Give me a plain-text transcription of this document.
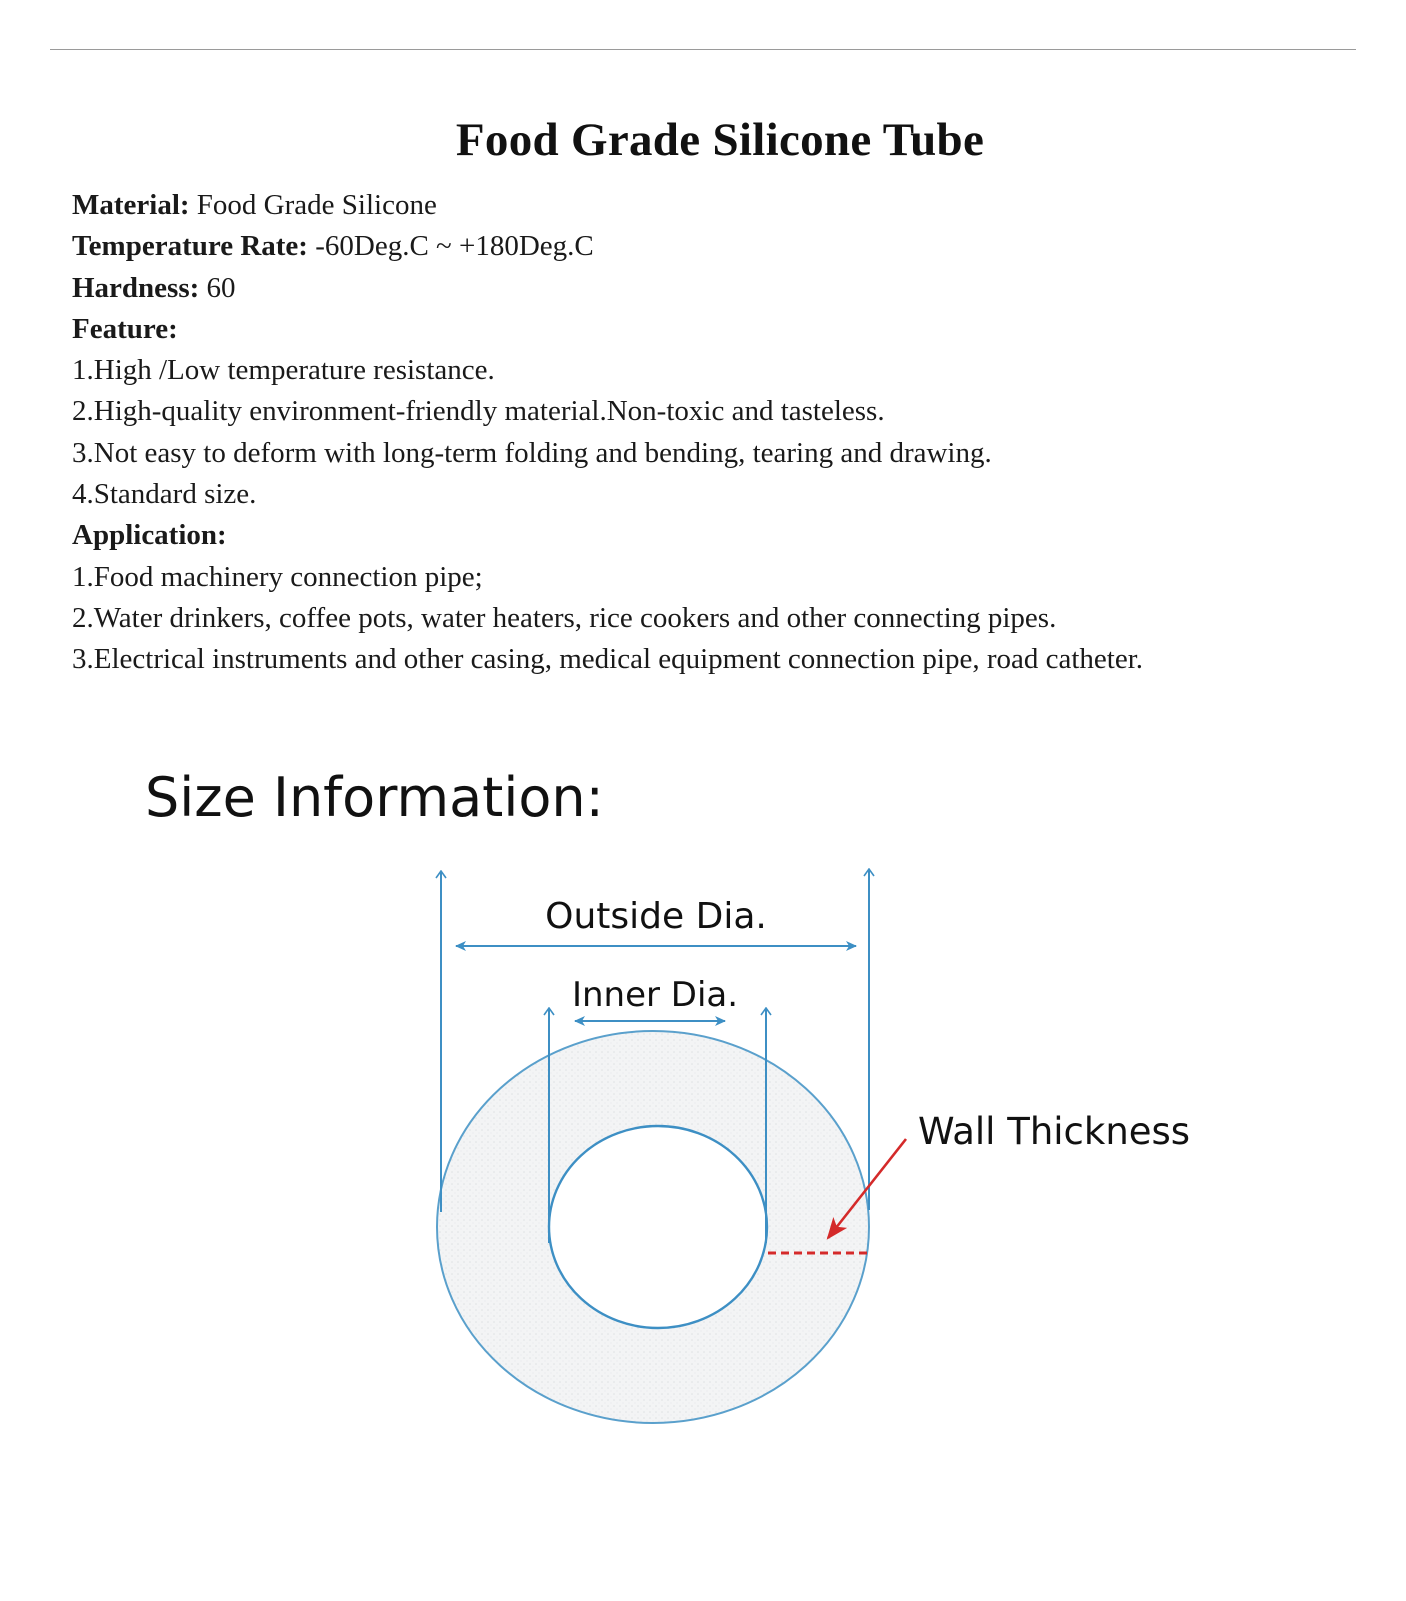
Food Grade Silicone Tube
Material: Food Grade Silicone
Temperature Rate: -60Deg.C ~ +180Deg.C
Hardness: 60
Feature:
1.High /Low temperature resistance.
2.High-quality environment-friendly material.Non-toxic and tasteless.
3.Not easy to deform with long-term folding and bending, tearing and drawing.
4.Standard size.
Application:
1.Food machinery connection pipe;
2.Water drinkers, coffee pots, water heaters, rice cookers and other connecting pipes.
3.Electrical instruments and other casing, medical equipment connection pipe, road catheter.
Size Information:
Outside Dia.
Inner Dia.
Wall Thickness
